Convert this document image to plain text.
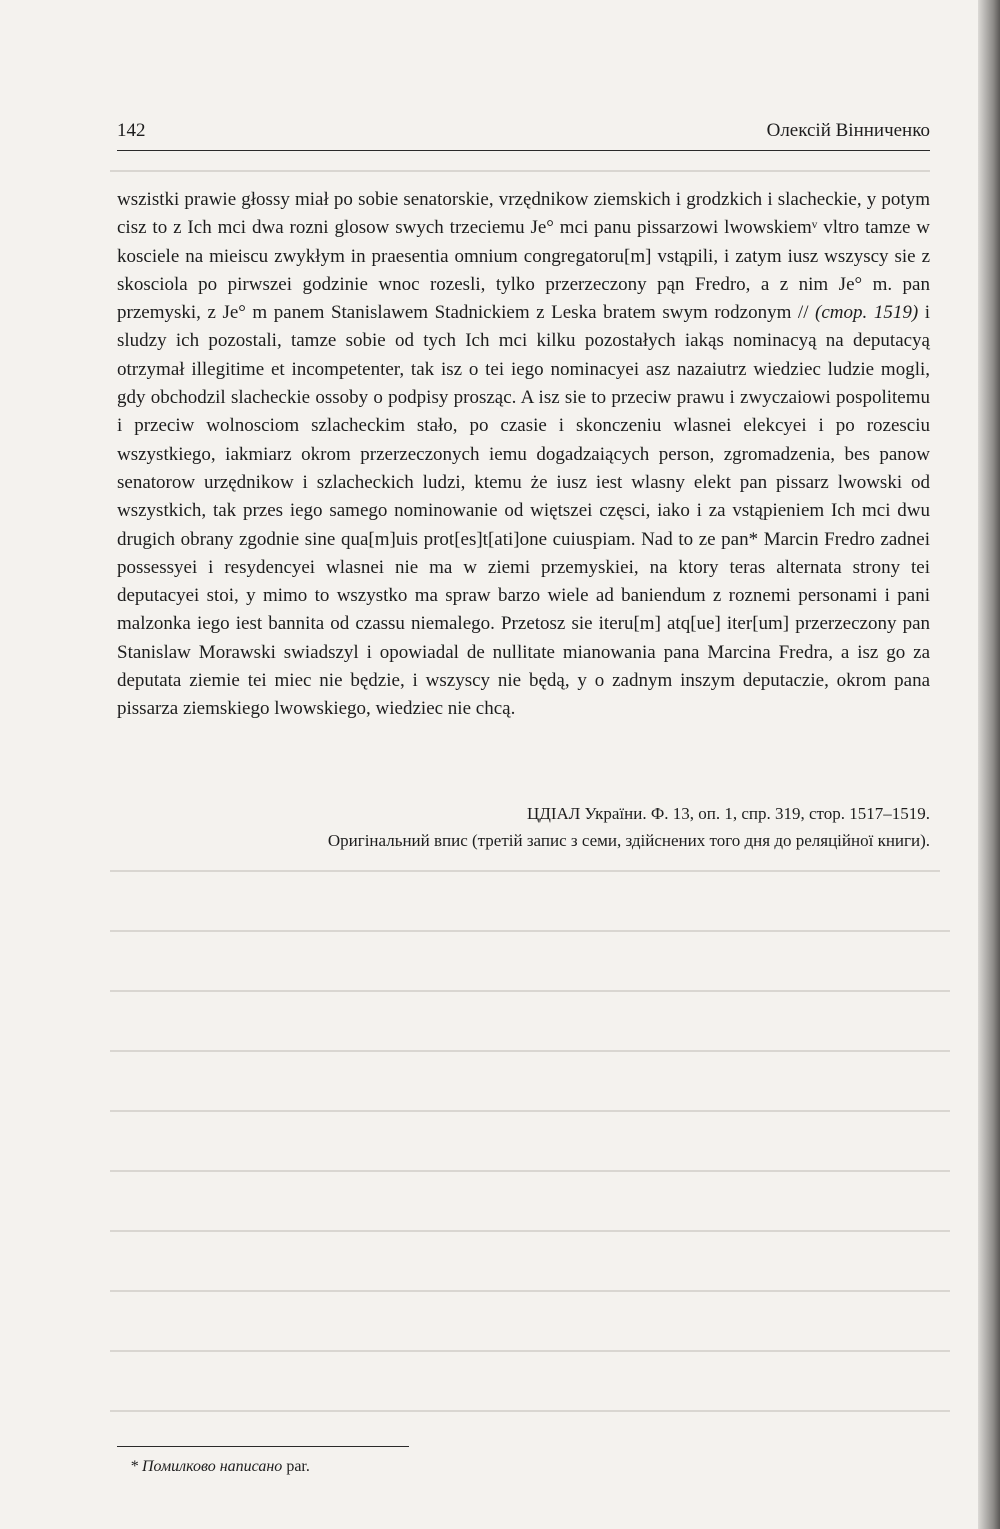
142	Олексій Вінниченко
wszistki prawie głossy miał po sobie senatorskie, vrzędnikow ziemskich i grodzkich i slacheckie, y potym cisz to z Ich mci dwa rozni glosow swych trzeciemu Je° mci panu pissarzowi lwowskiemᵛ vltro tamze w kosciele na mieiscu zwykłym in praesentia omnium congregatoru[m] vstąpili, i zatym iusz wszyscy sie z skosciola po pirwszei godzinie wnoc rozesli, tylko przerzeczony pąn Fredro, a z nim Je° m. pan przemyski, z Je° m panem Stanislawem Stadnickiem z Leska bratem swym rodzonym // (стор. 1519) i sludzy ich pozostali, tamze sobie od tych Ich mci kilku pozostałych iakąs nominacyą na deputacyą otrzymał illegitime et incompetenter, tak isz o tei iego nominacyei asz nazaiutrz wiedziec ludzie mogli, gdy obchodzil slacheckie ossoby o podpisy prosząc. A isz sie to przeciw prawu i zwyczaiowi pospolitemu i przeciw wolnosciom szlacheckim stało, po czasie i skonczeniu wlasnei elekcyei i po rozesciu wszystkiego, iakmiarz okrom przerzeczonych iemu dogadzaiących person, zgromadzenia, bes panow senatorow urzędnikow i szlacheckich ludzi, ktemu że iusz iest wlasny elekt pan pissarz lwowski od wszystkich, tak przes iego samego nominowanie od więtszei częsci, iako i za vstąpieniem Ich mci dwu drugich obrany zgodnie sine qua[m]uis prot[es]t[ati]one cuiuspiam. Nad to ze pan* Marcin Fredro zadnei possessyei i resydencyei wlasnei nie ma w ziemi przemyskiei, na ktory teras alternata strony tei deputacyei stoi, y mimo to wszystko ma spraw barzo wiele ad baniendum z roznemi personami i pani malzonka iego iest bannita od czassu niemalego. Przetosz sie iteru[m] atq[ue] iter[um] przerzeczony pan Stanislaw Morawski swiadszyl i opowiadal de nullitate mianowania pana Marcina Fredra, a isz go za deputata ziemie tei miec nie będzie, i wszyscy nie będą, y o zadnym inszym deputaczie, okrom pana pissarza ziemskiego lwowskiego, wiedziec nie chcą.
ЦДІАЛ України. Ф. 13, оп. 1, спр. 319, стор. 1517–1519.
Оригінальний впис (третій запис з семи, здійснених того дня до реляційної книги).
* Помилково написано par.
